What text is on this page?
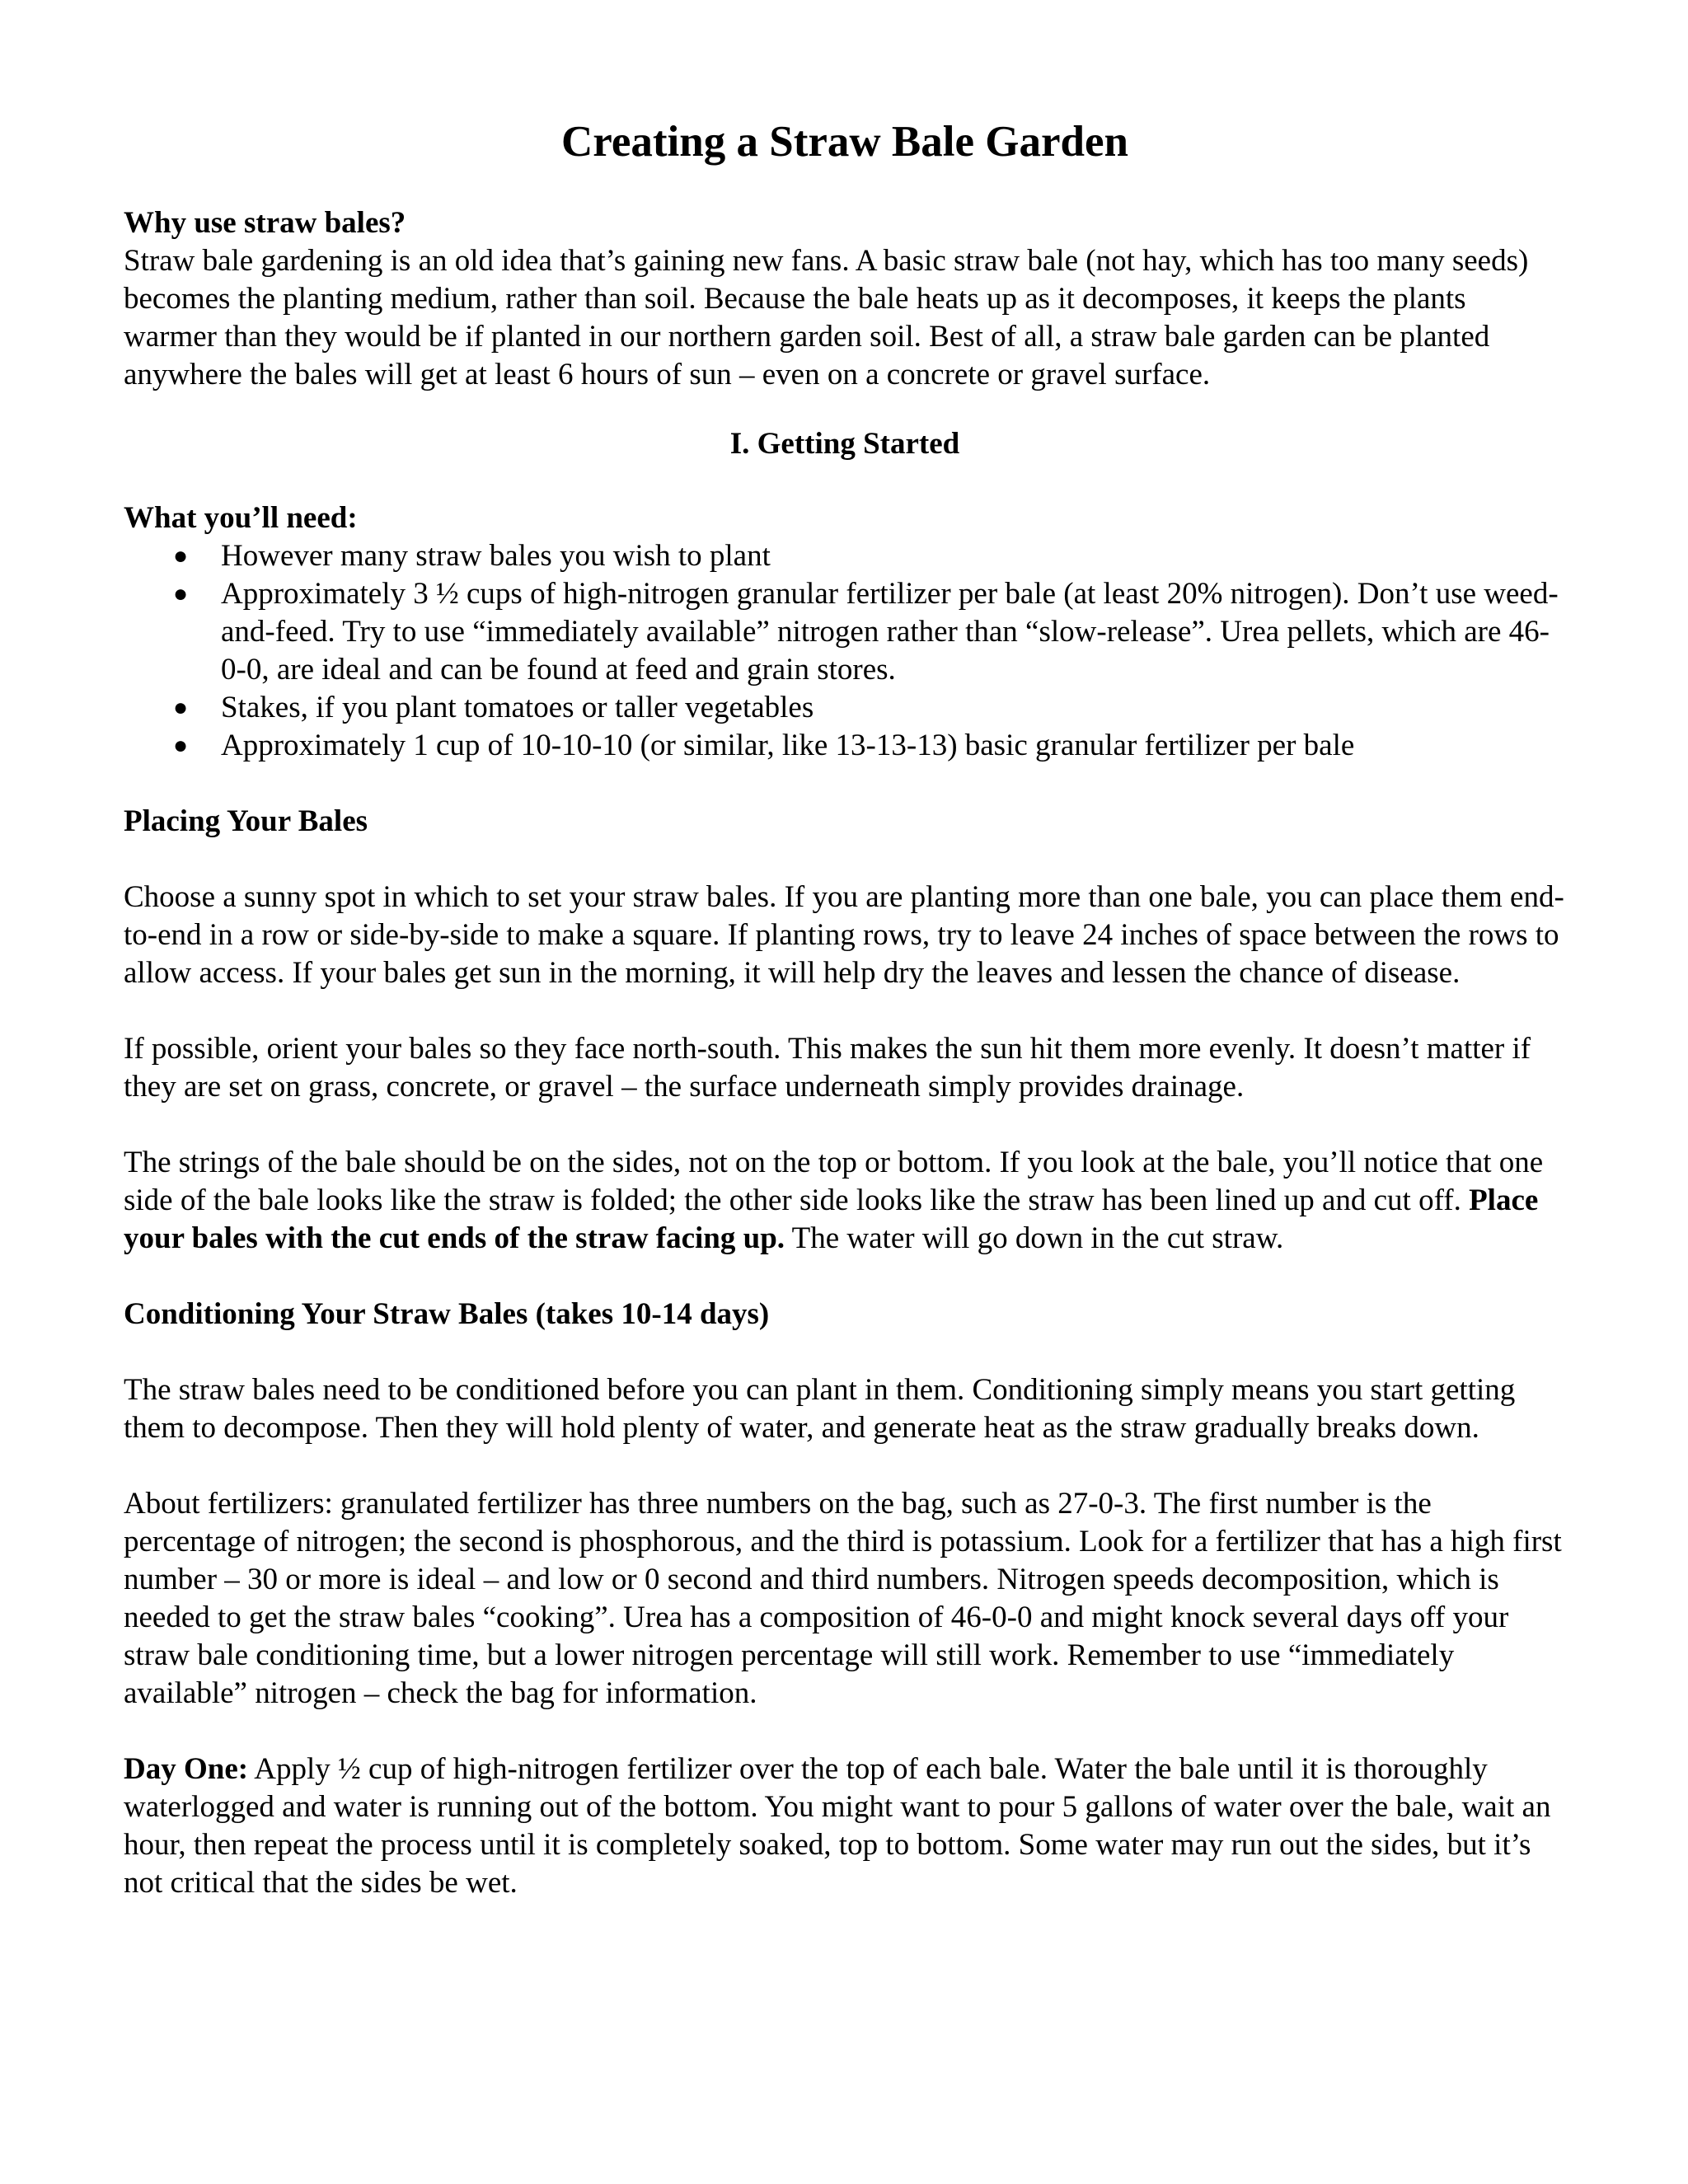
Creating a Straw Bale Garden

Why use straw bales?

Straw bale gardening is an old idea that’s gaining new fans. A basic straw bale (not hay, which has too many seeds) becomes the planting medium, rather than soil. Because the bale heats up as it decomposes, it keeps the plants warmer than they would be if planted in our northern garden soil. Best of all, a straw bale garden can be planted anywhere the bales will get at least 6 hours of sun – even on a concrete or gravel surface.

I. Getting Started

What you’ll need:

● However many straw bales you wish to plant
● Approximately 3 ½ cups of high-nitrogen granular fertilizer per bale (at least 20% nitrogen). Don’t use weed-and-feed. Try to use “immediately available” nitrogen rather than “slow-release”. Urea pellets, which are 46-0-0, are ideal and can be found at feed and grain stores.
● Stakes, if you plant tomatoes or taller vegetables
● Approximately 1 cup of 10-10-10 (or similar, like 13-13-13) basic granular fertilizer per bale

Placing Your Bales

Choose a sunny spot in which to set your straw bales. If you are planting more than one bale, you can place them end-to-end in a row or side-by-side to make a square. If planting rows, try to leave 24 inches of space between the rows to allow access. If your bales get sun in the morning, it will help dry the leaves and lessen the chance of disease.

If possible, orient your bales so they face north-south. This makes the sun hit them more evenly. It doesn’t matter if they are set on grass, concrete, or gravel – the surface underneath simply provides drainage.

The strings of the bale should be on the sides, not on the top or bottom. If you look at the bale, you’ll notice that one side of the bale looks like the straw is folded; the other side looks like the straw has been lined up and cut off. Place your bales with the cut ends of the straw facing up. The water will go down in the cut straw.

Conditioning Your Straw Bales (takes 10-14 days)

The straw bales need to be conditioned before you can plant in them. Conditioning simply means you start getting them to decompose. Then they will hold plenty of water, and generate heat as the straw gradually breaks down.

About fertilizers: granulated fertilizer has three numbers on the bag, such as 27-0-3. The first number is the percentage of nitrogen; the second is phosphorous, and the third is potassium. Look for a fertilizer that has a high first number – 30 or more is ideal – and low or 0 second and third numbers. Nitrogen speeds decomposition, which is needed to get the straw bales “cooking”. Urea has a composition of 46-0-0 and might knock several days off your straw bale conditioning time, but a lower nitrogen percentage will still work. Remember to use “immediately available” nitrogen – check the bag for information.

Day One: Apply ½ cup of high-nitrogen fertilizer over the top of each bale. Water the bale until it is thoroughly waterlogged and water is running out of the bottom. You might want to pour 5 gallons of water over the bale, wait an hour, then repeat the process until it is completely soaked, top to bottom. Some water may run out the sides, but it’s not critical that the sides be wet.
